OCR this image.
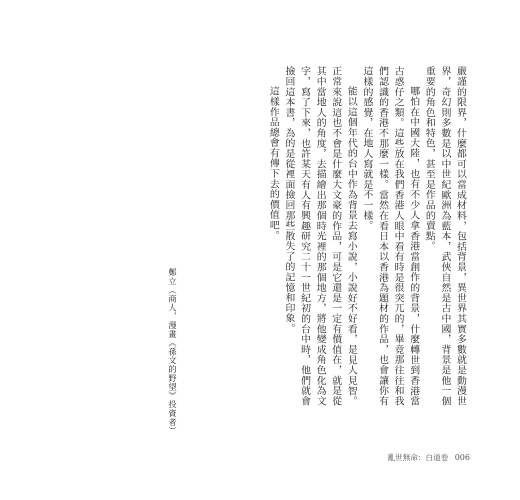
嚴謹的限界，什麼都可以當成材料，包括背景，異世界其實多數就是動漫世界，奇幻則多數是以中世紀歐洲為藍本，武俠自然是古中國，背景是他一個重要的角色和特色，甚至是作品的賣點。

哪怕在中國大陸，也有不少人拿香港當創作的背景，什麼轉世到香港當古惑仔之類。這些放在我們香港人眼中看有時是很突兀的，畢竟那往往和我們認識的香港不那麼一樣。當然在看日本以香港為題材的作品，也會讓你有這樣的感覺，在地人寫就是不一樣。

能以這個年代的台中作為背景去寫小說，小說好不好看，是見人見智。正常來說這也不會是什麼大文豪的作品，可是它還是一定有價值在，就是從其中當地人的角度，去描繪出那個時光裡的那個地方，將他變成角色化為文字，寫了下來，也許某天有人有興趣研究二十一世紀初的台中時，他們就會撿回這本書，為的是從裡面撿回那些散失了的記憶和印象。

這樣作品總會有傳下去的價值吧。

鄭立（商人，漫畫《孫文的野望》投資者）
亂世無命：白道卷 006
